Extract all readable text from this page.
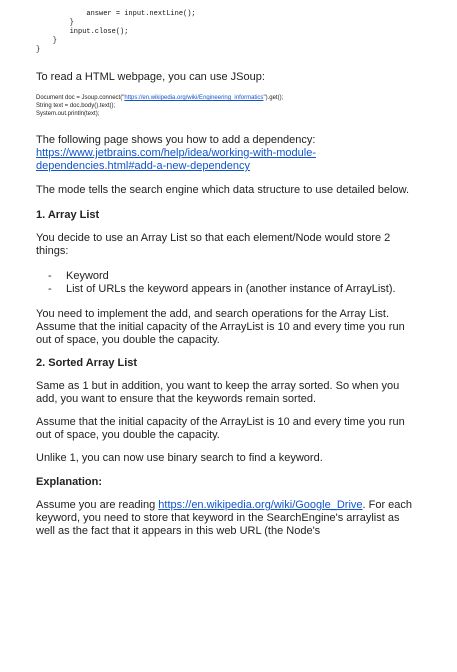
answer = input.nextLine();
}
input.close();
}
}

To read a HTML webpage, you can use JSoup:

Document doc = Jsoup.connect("https://en.wikipedia.org/wiki/Engineering_informatics").get();

String text = doc.body().text();

System.out.println(text);

The following page shows you how to add a dependency:
https://www.jetbrains.com/help/idea/working-with-module-dependencies.html#add-a-new-dependency

The mode tells the search engine which data structure to use detailed below.

1. Array List

You decide to use an Array List so that each element/Node would store 2 things:

- Keyword
- List of URLs the keyword appears in (another instance of ArrayList).

You need to implement the add, and search operations for the Array List. Assume that the initial capacity of the ArrayList is 10 and every time you run out of space, you double the capacity.

2. Sorted Array List

Same as 1 but in addition, you want to keep the array sorted. So when you add, you want to ensure that the keywords remain sorted.

Assume that the initial capacity of the ArrayList is 10 and every time you run out of space, you double the capacity.

Unlike 1, you can now use binary search to find a keyword.

Explanation:

Assume you are reading https://en.wikipedia.org/wiki/Google_Drive. For each keyword, you need to store that keyword in the SearchEngine's arraylist as well as the fact that it appears in this web URL (the Node's
